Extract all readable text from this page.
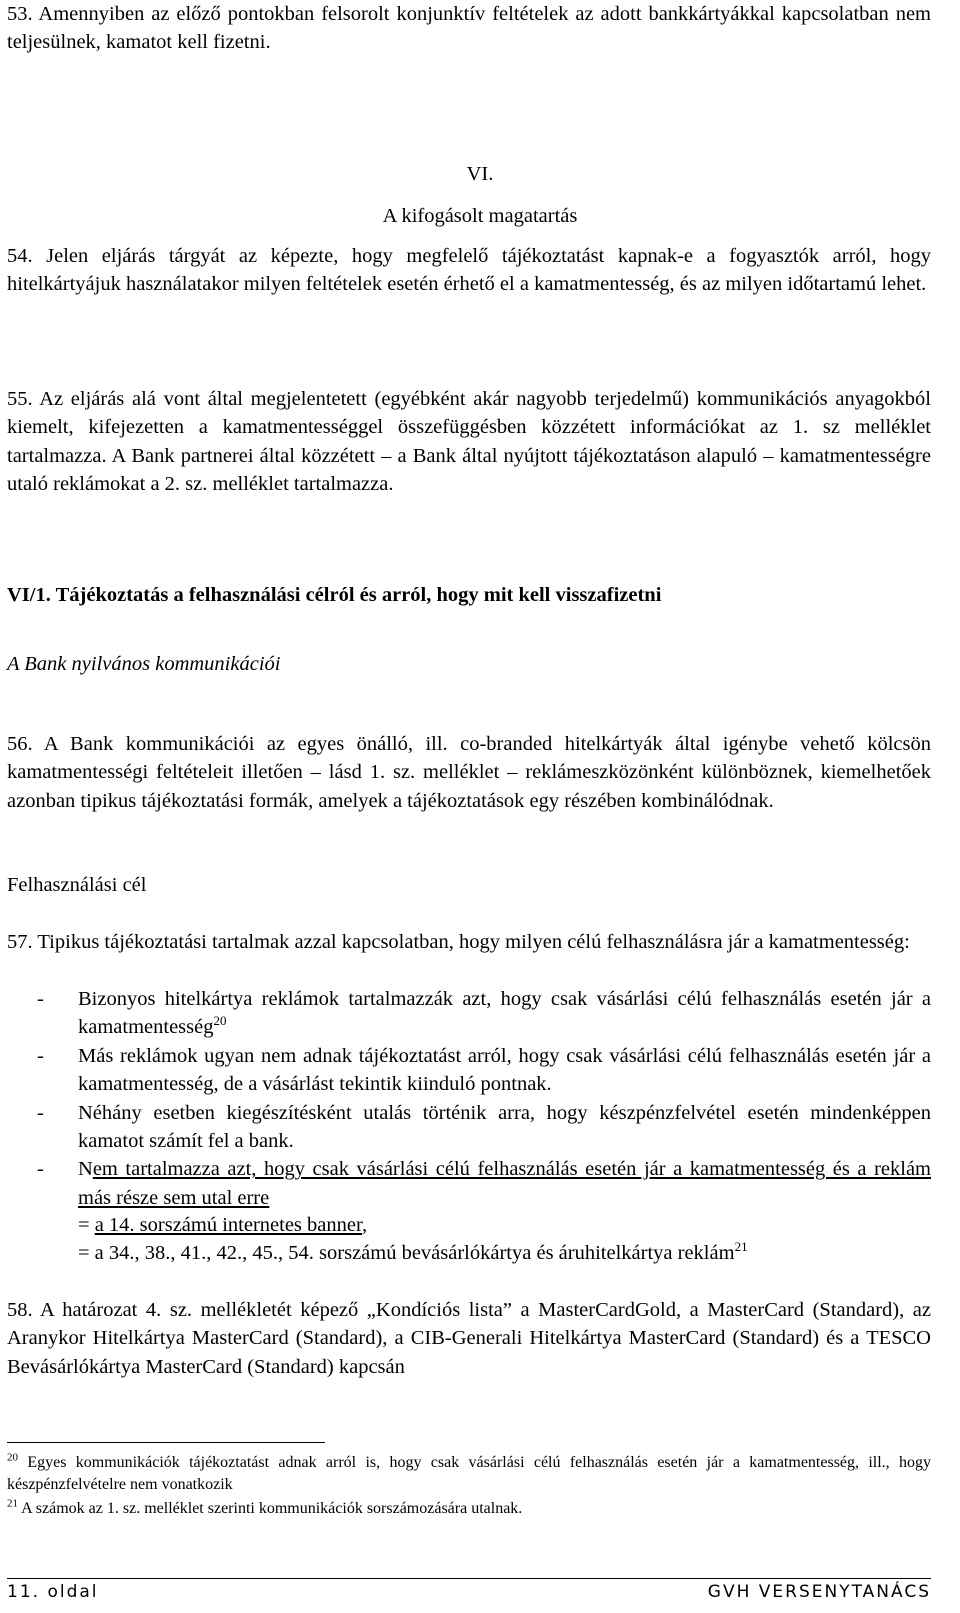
53. Amennyiben az előző pontokban felsorolt konjunktív feltételek az adott bankkártyákkal kapcsolatban nem teljesülnek, kamatot kell fizetni.

VI.

A kifogásolt magatartás

54. Jelen eljárás tárgyát az képezte, hogy megfelelő tájékoztatást kapnak-e a fogyasztók arról, hogy hitelkártyájuk használatakor milyen feltételek esetén érhető el a kamatmentesség, és az milyen időtartamú lehet.

55. Az eljárás alá vont által megjelentetett (egyébként akár nagyobb terjedelmű) kommunikációs anyagokból kiemelt, kifejezetten a kamatmentességgel összefüggésben közzétett információkat az 1. sz melléklet tartalmazza. A Bank partnerei által közzétett – a Bank által nyújtott tájékoztatáson alapuló – kamatmentességre utaló reklámokat a 2. sz. melléklet tartalmazza.

VI/1. Tájékoztatás a felhasználási célról és arról, hogy mit kell visszafizetni

A Bank nyilvános kommunikációi

56. A Bank kommunikációi az egyes önálló, ill. co-branded hitelkártyák által igénybe vehető kölcsön kamatmentességi feltételeit illetően – lásd 1. sz. melléklet – reklámeszközönként különböznek, kiemelhetőek azonban tipikus tájékoztatási formák, amelyek a tájékoztatások egy részében kombinálódnak.

Felhasználási cél

57. Tipikus tájékoztatási tartalmak azzal kapcsolatban, hogy milyen célú felhasználásra jár a kamatmentesség:

- Bizonyos hitelkártya reklámok tartalmazzák azt, hogy csak vásárlási célú felhasználás esetén jár a kamatmentesség$^{20}$
- Más reklámok ugyan nem adnak tájékoztatást arról, hogy csak vásárlási célú felhasználás esetén jár a kamatmentesség, de a vásárlást tekintik kiinduló pontnak.
- Néhány esetben kiegészítésként utalás történik arra, hogy készpénzfelvétel esetén mindenképpen kamatot számít fel a bank.
- Nem tartalmazza azt, hogy csak vásárlási célú felhasználás esetén jár a kamatmentesség és a reklám más része sem utal erre

= a 14. sorszámú internetes banner,

= a 34., 38., 41., 42., 45., 54. sorszámú bevásárlókártya és áruhitelkártya reklám$^{21}$

58. A határozat 4. sz. mellékletét képező „Kondíciós lista” a MasterCardGold, a MasterCard (Standard), az Aranykor Hitelkártya MasterCard (Standard), a CIB-Generali Hitelkártya MasterCard (Standard) és a TESCO Bevásárlókártya MasterCard (Standard) kapcsán

$^{20}$ Egyes kommunikációk tájékoztatást adnak arról is, hogy csak vásárlási célú felhasználás esetén jár a kamatmentesség, ill., hogy készpénzfelvételre nem vonatkozik

$^{21}$ A számok az 1. sz. melléklet szerinti kommunikációk sorszámozására utalnak.

11. oldal	GVH VERSENYTANÁCS
